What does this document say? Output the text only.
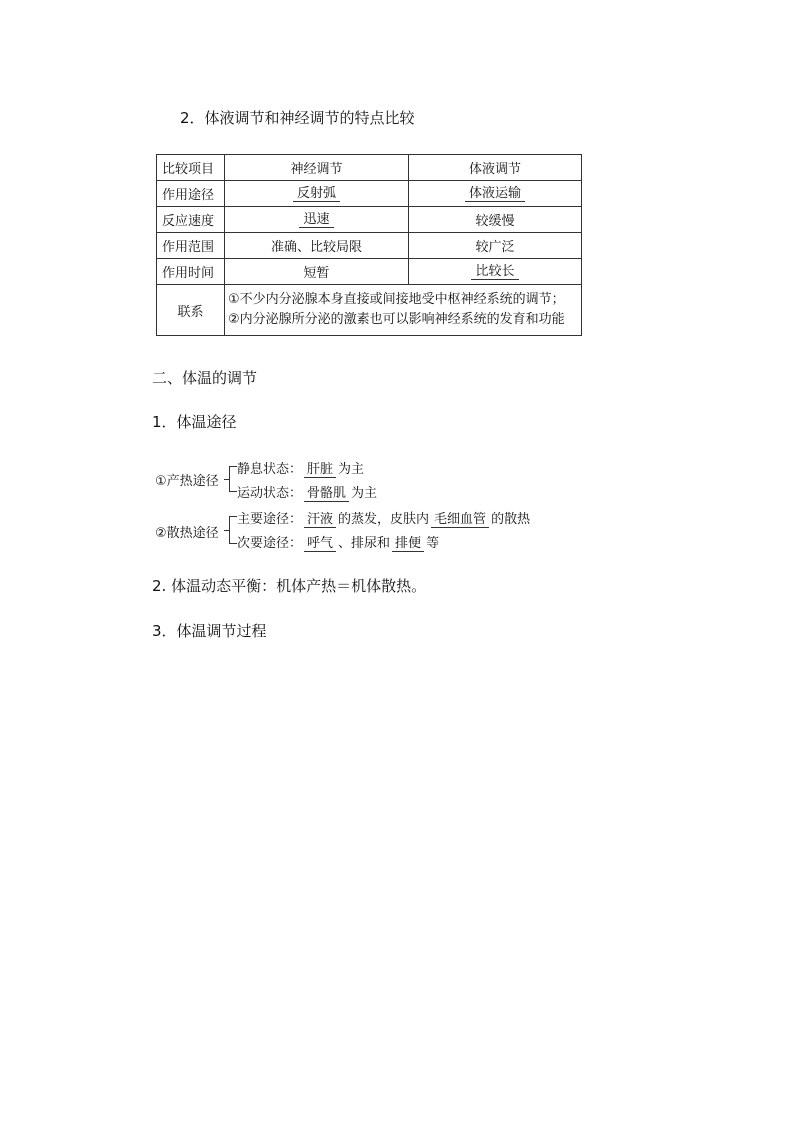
2．体液调节和神经调节的特点比较
比较项目	神经调节	体液调节
作用途径	反射弧	体液运输
反应速度	迅速	较缓慢
作用范围	准确、比较局限	较广泛
作用时间	短暂	比较长
联系	①不少内分泌腺本身直接或间接地受中枢神经系统的调节；
②内分泌腺所分泌的激素也可以影响神经系统的发育和功能	
二、体温的调节
1．体温途径
①产热途径
静息状态： 肝脏 为主
运动状态： 骨骼肌 为主
②散热途径
主要途径： 汗液 的蒸发，皮肤内 毛细血管 的散热
次要途径： 呼气 、排尿和 排便 等
2. 体温动态平衡：机体产热＝机体散热。
3．体温调节过程
